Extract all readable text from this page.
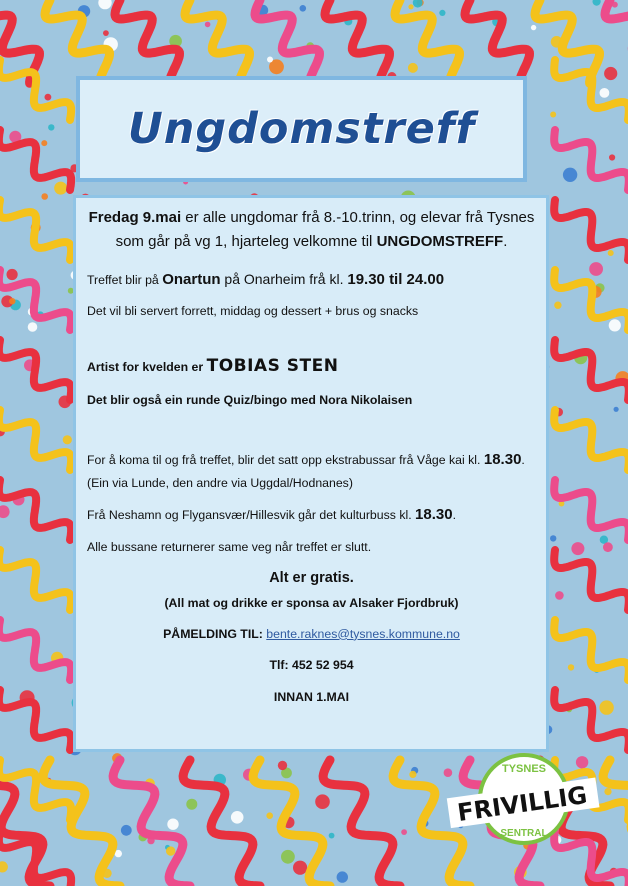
Ungdomstreff

Fredag 9.mai er alle ungdomar frå 8.-10.trinn, og elevar frå Tysnes som går på vg 1, hjarteleg velkomne til UNGDOMSTREFF.

Treffet blir på Onartun på Onarheim frå kl. 19.30 til 24.00

Det vil bli servert forrett, middag og dessert + brus og snacks

Artist for kvelden er TOBIAS STEN

Det blir også ein runde Quiz/bingo med Nora Nikolaisen

For å koma til og frå treffet, blir det satt opp ekstrabussar frå Våge kai kl. 18.30. (Ein via Lunde, den andre via Uggdal/Hodnanes)

Frå Neshamn og Flygansvær/Hillesvik går det kulturbuss kl. 18.30.

Alle bussane returnerer same veg når treffet er slutt.

Alt er gratis.

(All mat og drikke er sponsa av Alsaker Fjordbruk)

PÅMELDING TIL: bente.raknes@tysnes.kommune.no

Tlf: 452 52 954

INNAN 1.MAI

TYSNES
FRIVILLIG
SENTRAL
